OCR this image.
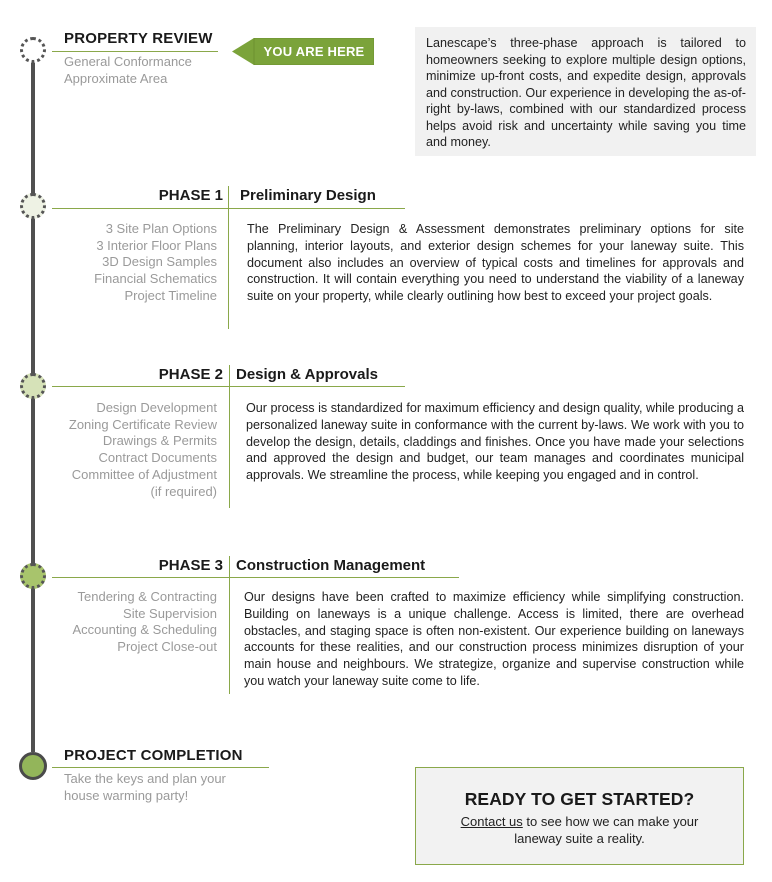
PROPERTY REVIEW
General Conformance
Approximate Area
YOU ARE HERE
Lanescape’s three-phase approach is tailored to homeowners seeking to explore multiple design options, minimize up-front costs, and expedite design, approvals and construction. Our experience in developing the as-of-right by-laws, combined with our standardized process helps avoid risk and uncertainty while saving you time and money.
PHASE 1 Preliminary Design
3 Site Plan Options
3 Interior Floor Plans
3D Design Samples
Financial Schematics
Project Timeline
The Preliminary Design & Assessment demonstrates preliminary options for site planning, interior layouts, and exterior design schemes for your laneway suite. This document also includes an overview of typical costs and timelines for approvals and construction. It will contain everything you need to understand the viability of a laneway suite on your property, while clearly outlining how best to exceed your project goals.
PHASE 2 Design & Approvals
Design Development
Zoning Certificate Review
Drawings & Permits
Contract Documents
Committee of Adjustment
(if required)
Our process is standardized for maximum efficiency and design quality, while producing a personalized laneway suite in conformance with the current by-laws. We work with you to develop the design, details, claddings and finishes. Once you have made your selections and approved the design and budget, our team manages and coordinates municipal approvals. We streamline the process, while keeping you engaged and in control.
PHASE 3 Construction Management
Tendering & Contracting
Site Supervision
Accounting & Scheduling
Project Close-out
Our designs have been crafted to maximize efficiency while simplifying construction. Building on laneways is a unique challenge. Access is limited, there are overhead obstacles, and staging space is often non-existent. Our experience building on laneways accounts for these realities, and our construction process minimizes disruption of your main house and neighbours. We strategize, organize and supervise construction while you watch your laneway suite come to life.
PROJECT COMPLETION
Take the keys and plan your
house warming party!	READY TO GET STARTED?
Contact us to see how we can make your
laneway suite a reality.
